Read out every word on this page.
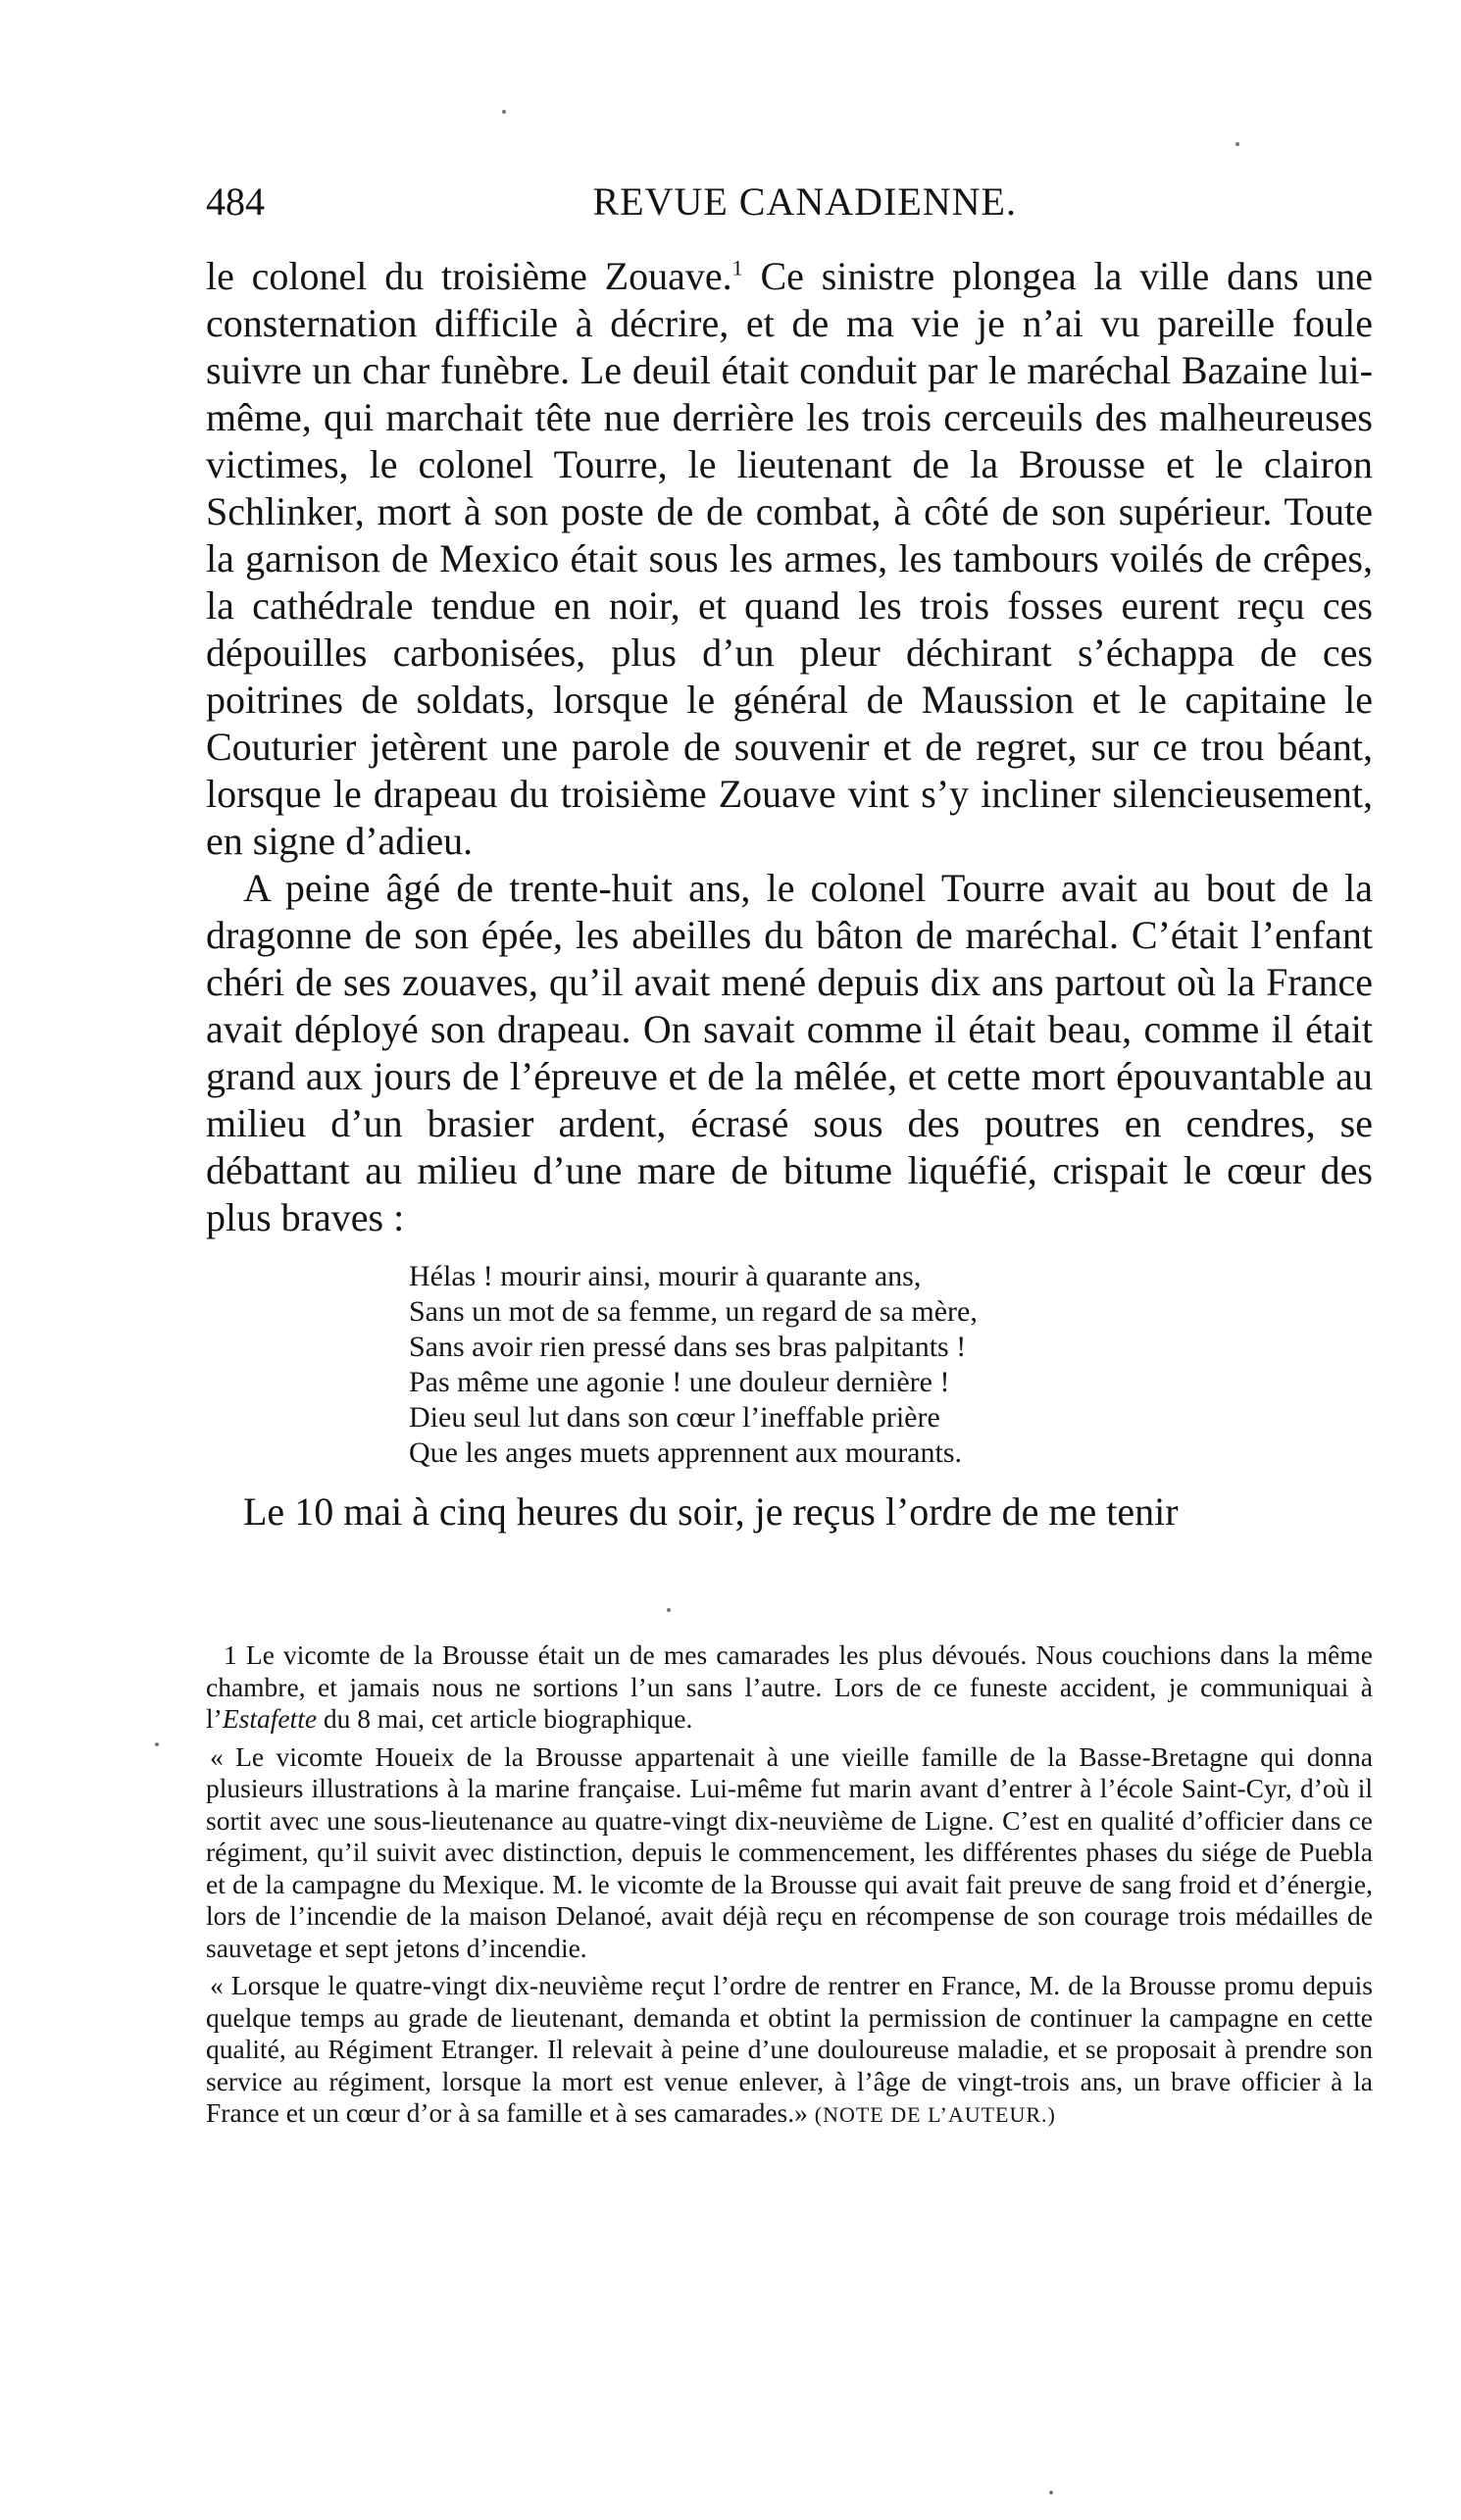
484	REVUE CANADIENNE.

le colonel du troisième Zouave.$^1$ Ce sinistre plongea la ville dans une consternation difficile à décrire, et de ma vie je n’ai vu pareille foule suivre un char funèbre. Le deuil était conduit par le maréchal Bazaine lui-même, qui marchait tête nue derrière les trois cerceuils des malheureuses victimes, le colonel Tourre, le lieutenant de la Brousse et le clairon Schlinker, mort à son poste de de combat, à côté de son supérieur. Toute la garnison de Mexico était sous les armes, les tambours voilés de crêpes, la cathédrale tendue en noir, et quand les trois fosses eurent reçu ces dépouilles carbonisées, plus d’un pleur déchirant s’échappa de ces poitrines de soldats, lorsque le général de Maussion et le capitaine le Couturier jetèrent une parole de souvenir et de regret, sur ce trou béant, lorsque le drapeau du troisième Zouave vint s’y incliner silencieusement, en signe d’adieu.

A peine âgé de trente-huit ans, le colonel Tourre avait au bout de la dragonne de son épée, les abeilles du bâton de maréchal. C’était l’enfant chéri de ses zouaves, qu’il avait mené depuis dix ans partout où la France avait déployé son drapeau. On savait comme il était beau, comme il était grand aux jours de l’épreuve et de la mêlée, et cette mort épouvantable au milieu d’un brasier ardent, écrasé sous des poutres en cendres, se débattant au milieu d’une mare de bitume liquéfié, crispait le cœur des plus braves :

Hélas ! mourir ainsi, mourir à quarante ans,
Sans un mot de sa femme, un regard de sa mère,
Sans avoir rien pressé dans ses bras palpitants !
Pas même une agonie ! une douleur dernière !
Dieu seul lut dans son cœur l’ineffable prière
Que les anges muets apprennent aux mourants.

Le 10 mai à cinq heures du soir, je reçus l’ordre de me tenir

1 Le vicomte de la Brousse était un de mes camarades les plus dévoués. Nous couchions dans la même chambre, et jamais nous ne sortions l’un sans l’autre. Lors de ce funeste accident, je communiquai à l’Estafette du 8 mai, cet article biographique.

« Le vicomte Houeix de la Brousse appartenait à une vieille famille de la Basse-Bretagne qui donna plusieurs illustrations à la marine française. Lui-même fut marin avant d’entrer à l’école Saint-Cyr, d’où il sortit avec une sous-lieutenance au quatre-vingt dix-neuvième de Ligne. C’est en qualité d’officier dans ce régiment, qu’il suivit avec distinction, depuis le commencement, les différentes phases du siége de Puebla et de la campagne du Mexique. M. le vicomte de la Brousse qui avait fait preuve de sang froid et d’énergie, lors de l’incendie de la maison Delanoé, avait déjà reçu en récompense de son courage trois médailles de sauvetage et sept jetons d’incendie.

« Lorsque le quatre-vingt dix-neuvième reçut l’ordre de rentrer en France, M. de la Brousse promu depuis quelque temps au grade de lieutenant, demanda et obtint la permission de continuer la campagne en cette qualité, au Régiment Etranger. Il relevait à peine d’une douloureuse maladie, et se proposait à prendre son service au régiment, lorsque la mort est venue enlever, à l’âge de vingt-trois ans, un brave officier à la France et un cœur d’or à sa famille et à ses camarades.» (NOTE DE L’AUTEUR.)
